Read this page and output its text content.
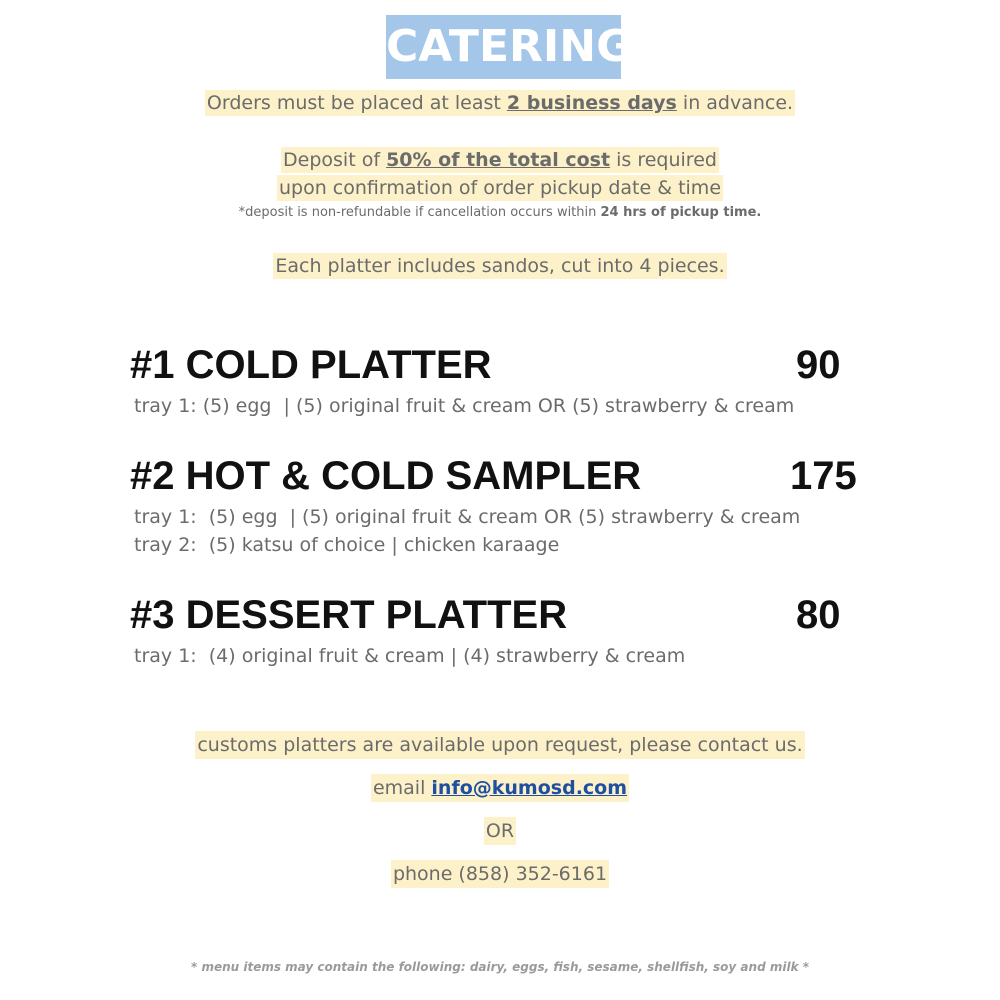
CATERING
Orders must be placed at least 2 business days in advance.
Deposit of 50% of the total cost is required
upon confirmation of order pickup date & time
*deposit is non-refundable if cancellation occurs within 24 hrs of pickup time.
Each platter includes sandos, cut into 4 pieces.
#1 COLD PLATTER	90
tray 1: (5) egg  | (5) original fruit & cream OR (5) strawberry & cream
#2 HOT & COLD SAMPLER	175
tray 1:  (5) egg  | (5) original fruit & cream OR (5) strawberry & cream
tray 2:  (5) katsu of choice | chicken karaage
#3 DESSERT PLATTER	80
tray 1:  (4) original fruit & cream | (4) strawberry & cream
customs platters are available upon request, please contact us.
email info@kumosd.com
OR
phone (858) 352-6161
* menu items may contain the following: dairy, eggs, fish, sesame, shellfish, soy and milk *
